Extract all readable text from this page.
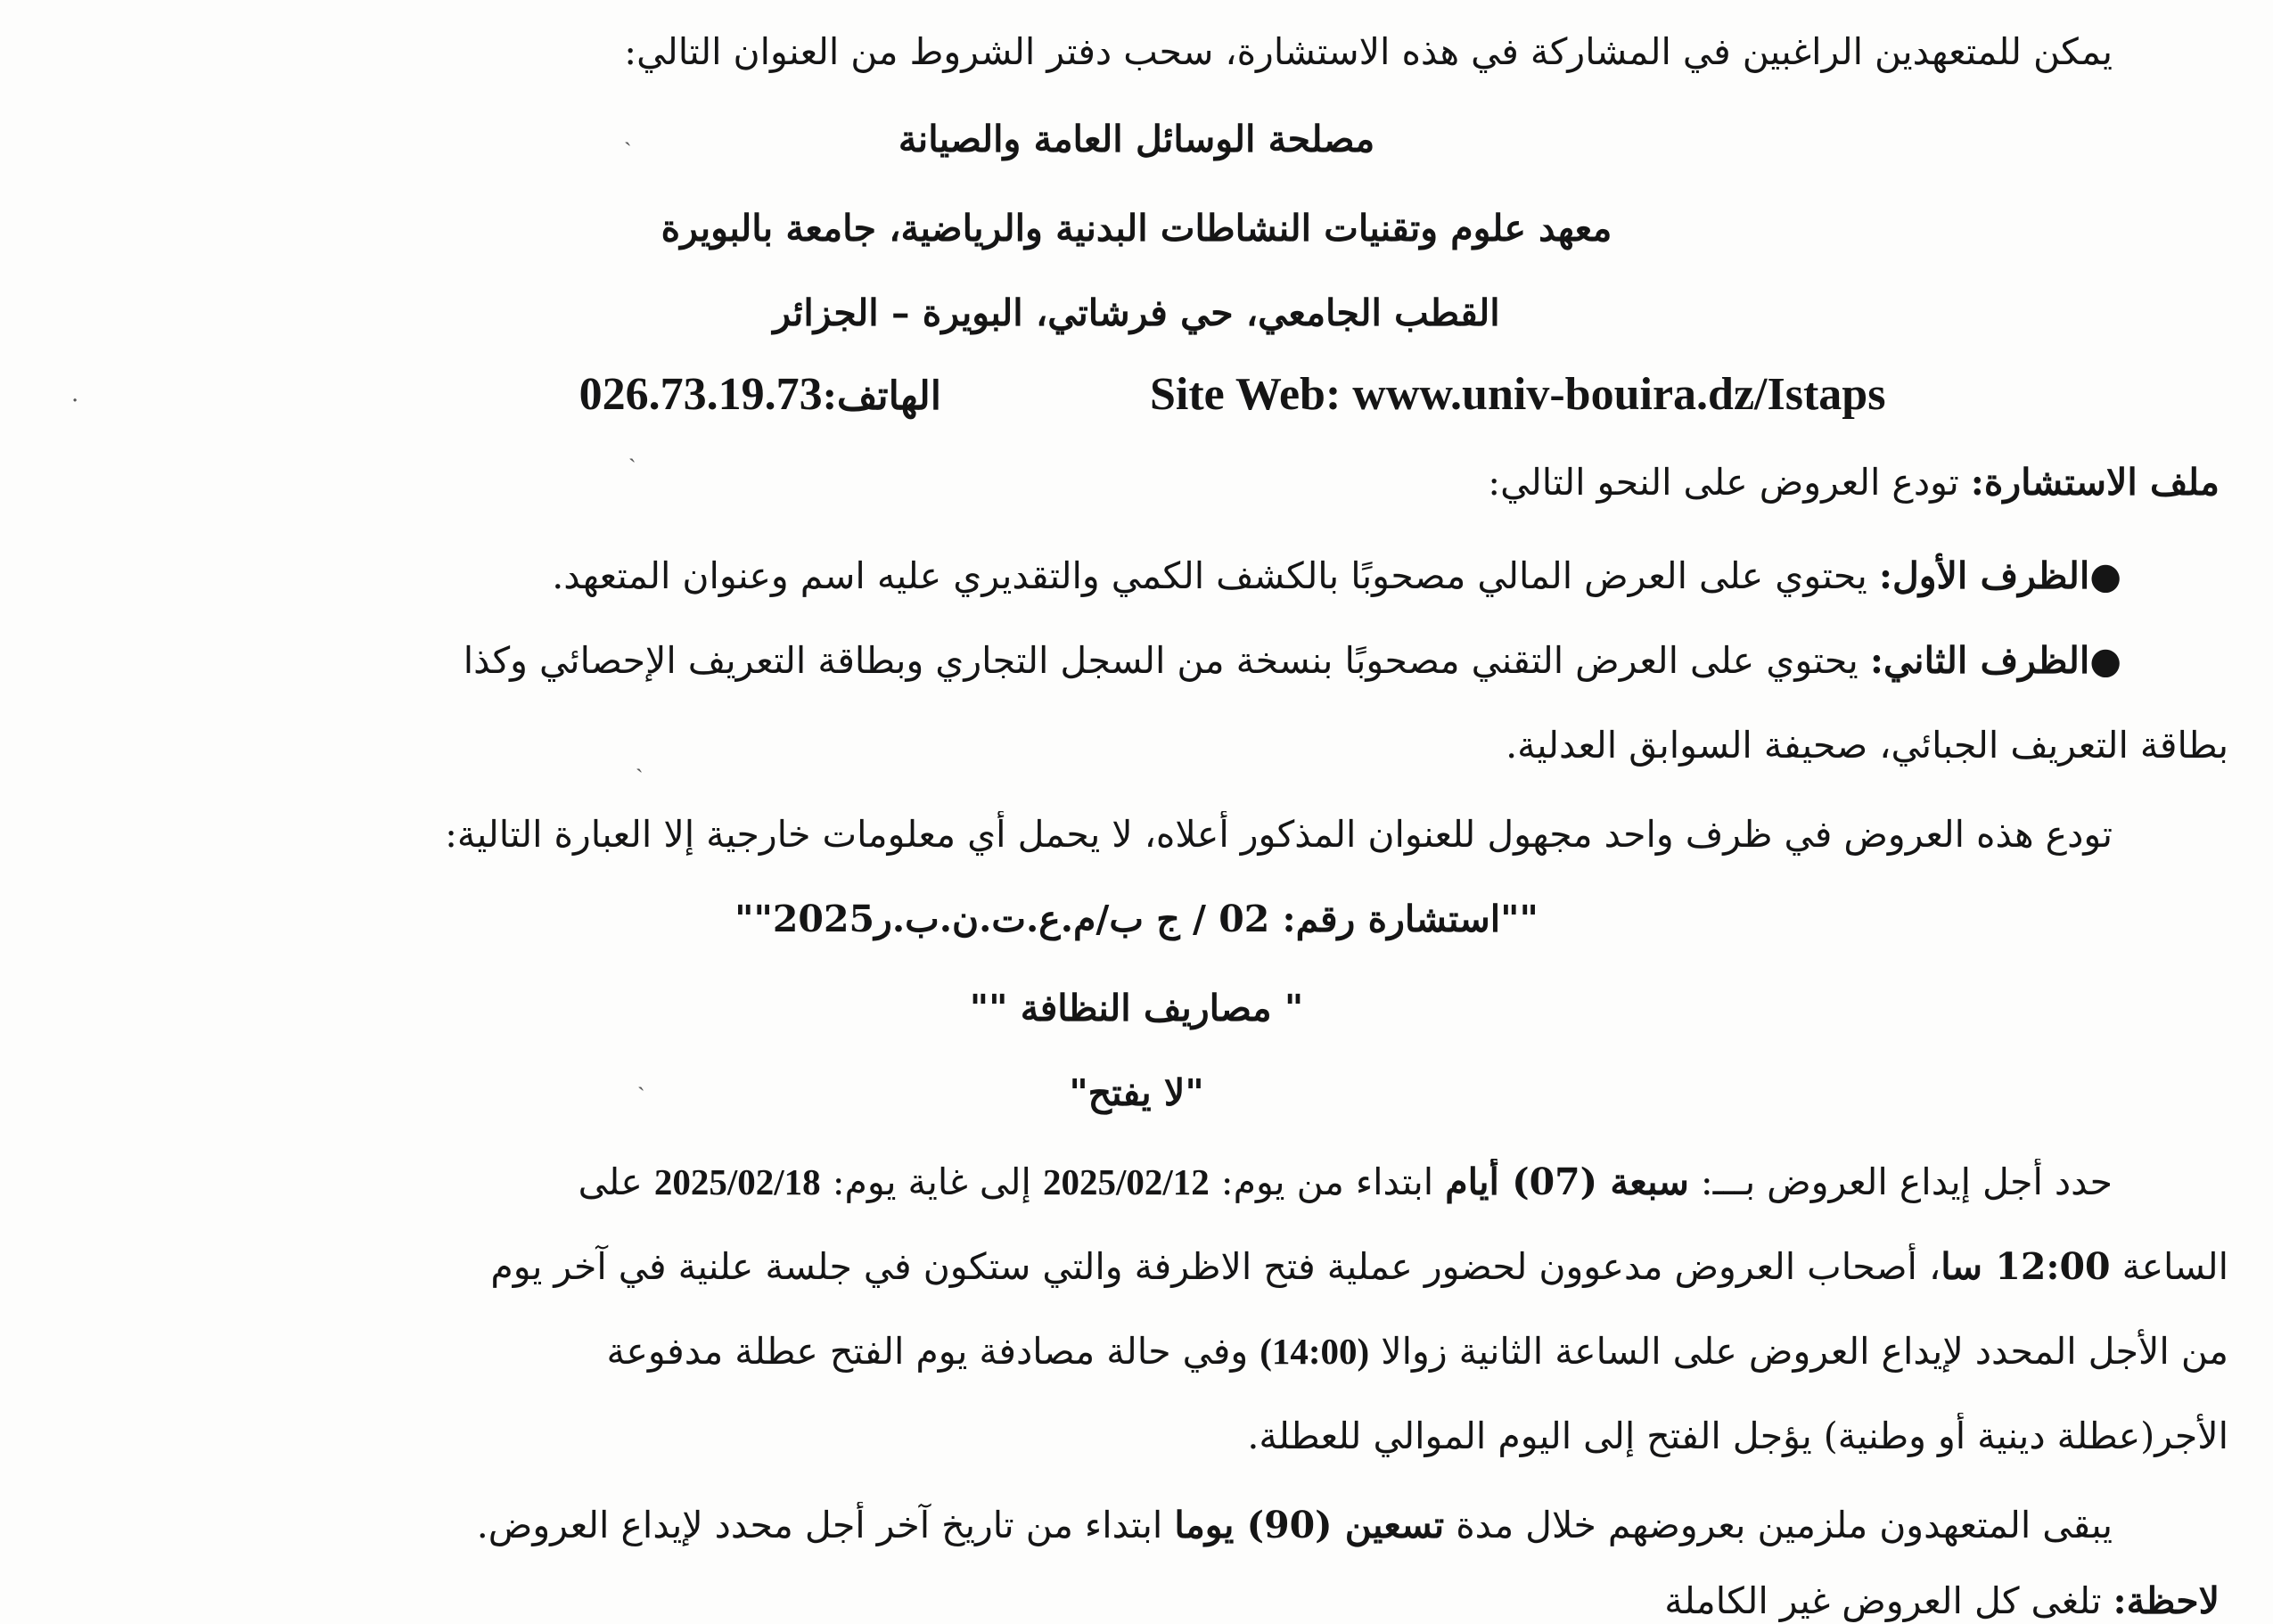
يمكن للمتعهدين الراغبين في المشاركة في هذه الاستشارة، سحب دفتر الشروط من العنوان التالي:
مصلحة الوسائل العامة والصيانة
معهد علوم وتقنيات النشاطات البدنية والرياضية، جامعة بالبويرة
القطب الجامعي، حي فرشاتي، البويرة – الجزائر
Site Web: www.univ-bouira.dz/Istaps
الهاتف:026.73.19.73
ملف الاستشارة: تودع العروض على النحو التالي:
●الظرف الأول: يحتوي على العرض المالي مصحوبًا بالكشف الكمي والتقديري عليه اسم وعنوان المتعهد.
●الظرف الثاني: يحتوي على العرض التقني مصحوبًا بنسخة من السجل التجاري وبطاقة التعريف الإحصائي وكذا
بطاقة التعريف الجبائي، صحيفة السوابق العدلية.
تودع هذه العروض في ظرف واحد مجهول للعنوان المذكور أعلاه، لا يحمل أي معلومات خارجية إلا العبارة التالية:
""استشارة رقم: 02 / ج ب/م.ع.ت.ن.ب.ر2025""
" مصاريف النظافة ""
"لا يفتح"
حدد أجل إيداع العروض بـــ: سبعة (07) أيام ابتداء من يوم: 2025/02/12 إلى غاية يوم: 2025/02/18 على
الساعة 12:00 سا، أصحاب العروض مدعوون لحضور عملية فتح الاظرفة والتي ستكون في جلسة علنية في آخر يوم
من الأجل المحدد لإيداع العروض على الساعة الثانية زوالا (14:00) وفي حالة مصادفة يوم الفتح عطلة مدفوعة
الأجر(عطلة دينية أو وطنية) يؤجل الفتح إلى اليوم الموالي للعطلة.
يبقى المتعهدون ملزمين بعروضهم خلال مدة تسعين (90) يوما ابتداء من تاريخ آخر أجل محدد لإيداع العروض.
لاحظة: تلغى كل العروض غير الكاملة
ˏ
ˏ
ˏ
ˏ
·
